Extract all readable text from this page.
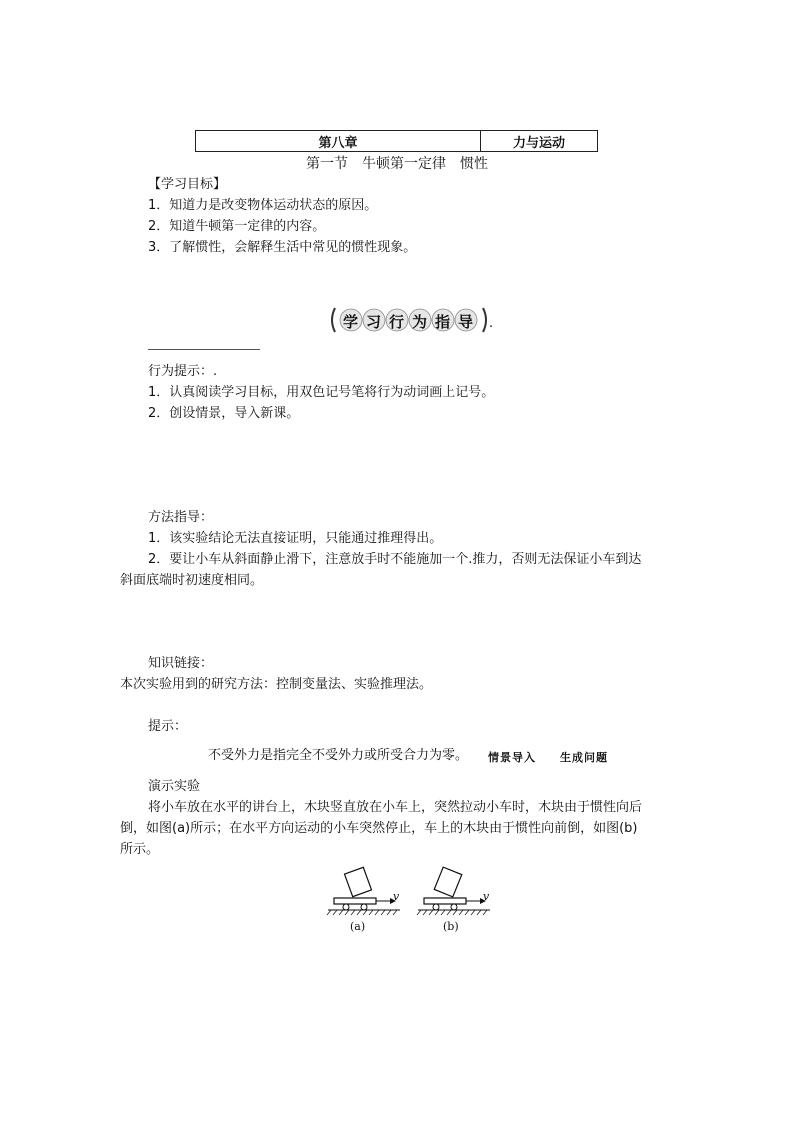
第八章	力与运动
第一节　牛顿第一定律　惯性
【学习目标】
1．知道力是改变物体运动状态的原因。
2．知道牛顿第一定律的内容。
3．了解惯性，会解释生活中常见的惯性现象。
学 习 行 为 指 导 .
行为提示：.
1．认真阅读学习目标，用双色记号笔将行为动词画上记号。
2．创设情景，导入新课。
方法指导：
1．该实验结论无法直接证明，只能通过推理得出。
2．要让小车从斜面静止滑下，注意放手时不能施加一个.推力，否则无法保证小车到达
斜面底端时初速度相同。
知识链接：
本次实验用到的研究方法：控制变量法、实验推理法。
提示：
不受外力是指完全不受外力或所受合力为零。 情景导入　　生成问题
演示实验
将小车放在水平的讲台上，木块竖直放在小车上，突然拉动小车时，木块由于惯性向后
倒，如图(a)所示；在水平方向运动的小车突然停止，车上的木块由于惯性向前倒，如图(b)
所示。
v
(a)
v
(b)
